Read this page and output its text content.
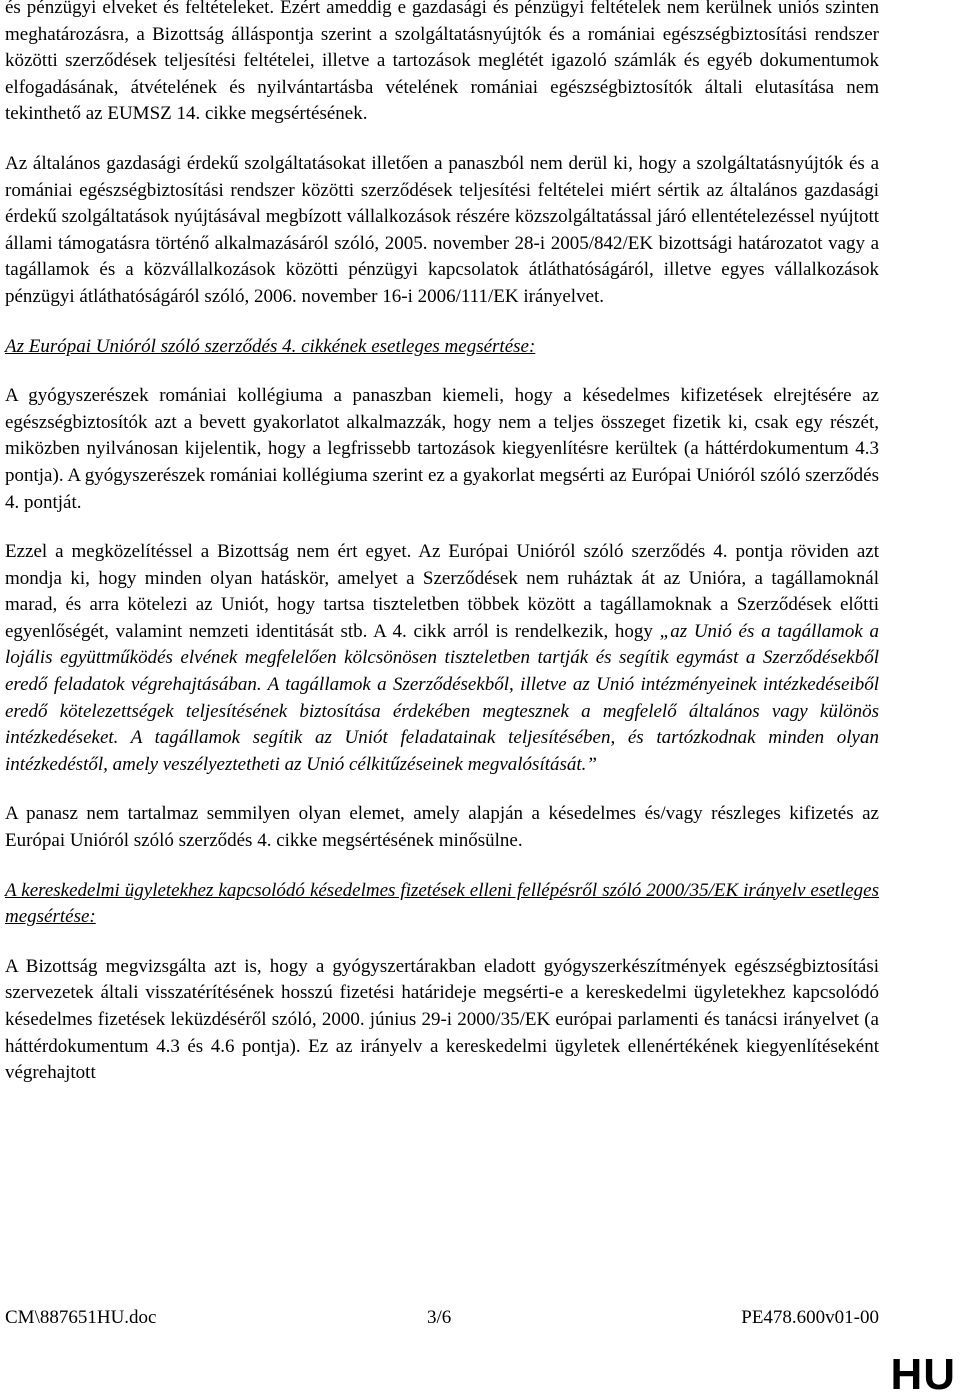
és pénzügyi elveket és feltételeket. Ezért ameddig e gazdasági és pénzügyi feltételek nem kerülnek uniós szinten meghatározásra, a Bizottság álláspontja szerint a szolgáltatásnyújtók és a romániai egészségbiztosítási rendszer közötti szerződések teljesítési feltételei, illetve a tartozások meglétét igazoló számlák és egyéb dokumentumok elfogadásának, átvételének és nyilvántartásba vételének romániai egészségbiztosítók általi elutasítása nem tekinthető az EUMSZ 14. cikke megsértésének.

Az általános gazdasági érdekű szolgáltatásokat illetően a panaszból nem derül ki, hogy a szolgáltatásnyújtók és a romániai egészségbiztosítási rendszer közötti szerződések teljesítési feltételei miért sértik az általános gazdasági érdekű szolgáltatások nyújtásával megbízott vállalkozások részére közszolgáltatással járó ellentételezéssel nyújtott állami támogatásra történő alkalmazásáról szóló, 2005. november 28-i 2005/842/EK bizottsági határozatot vagy a tagállamok és a közvállalkozások közötti pénzügyi kapcsolatok átláthatóságáról, illetve egyes vállalkozások pénzügyi átláthatóságáról szóló, 2006. november 16-i 2006/111/EK irányelvet.

Az Európai Unióról szóló szerződés 4. cikkének esetleges megsértése:

A gyógyszerészek romániai kollégiuma a panaszban kiemeli, hogy a késedelmes kifizetések elrejtésére az egészségbiztosítók azt a bevett gyakorlatot alkalmazzák, hogy nem a teljes összeget fizetik ki, csak egy részét, miközben nyilvánosan kijelentik, hogy a legfrissebb tartozások kiegyenlítésre kerültek (a háttérdokumentum 4.3 pontja). A gyógyszerészek romániai kollégiuma szerint ez a gyakorlat megsérti az Európai Unióról szóló szerződés 4. pontját.

Ezzel a megközelítéssel a Bizottság nem ért egyet. Az Európai Unióról szóló szerződés 4. pontja röviden azt mondja ki, hogy minden olyan hatáskör, amelyet a Szerződések nem ruháztak át az Unióra, a tagállamoknál marad, és arra kötelezi az Uniót, hogy tartsa tiszteletben többek között a tagállamoknak a Szerződések előtti egyenlőségét, valamint nemzeti identitását stb. A 4. cikk arról is rendelkezik, hogy „az Unió és a tagállamok a lojális együttműködés elvének megfelelően kölcsönösen tiszteletben tartják és segítik egymást a Szerződésekből eredő feladatok végrehajtásában. A tagállamok a Szerződésekből, illetve az Unió intézményeinek intézkedéseiből eredő kötelezettségek teljesítésének biztosítása érdekében megtesznek a megfelelő általános vagy különös intézkedéseket. A tagállamok segítik az Uniót feladatainak teljesítésében, és tartózkodnak minden olyan intézkedéstől, amely veszélyeztetheti az Unió célkitűzéseinek megvalósítását.”

A panasz nem tartalmaz semmilyen olyan elemet, amely alapján a késedelmes és/vagy részleges kifizetés az Európai Unióról szóló szerződés 4. cikke megsértésének minősülne.

A kereskedelmi ügyletekhez kapcsolódó késedelmes fizetések elleni fellépésről szóló 2000/35/EK irányelv esetleges megsértése:

A Bizottság megvizsgálta azt is, hogy a gyógyszertárakban eladott gyógyszerkészítmények egészségbiztosítási szervezetek általi visszatérítésének hosszú fizetési határideje megsérti-e a kereskedelmi ügyletekhez kapcsolódó késedelmes fizetések leküzdéséről szóló, 2000. június 29-i 2000/35/EK európai parlamenti és tanácsi irányelvet (a háttérdokumentum 4.3 és 4.6 pontja). Ez az irányelv a kereskedelmi ügyletek ellenértékének kiegyenlítéseként végrehajtott

CM\887651HU.doc	3/6	PE478.600v01-00
HU
